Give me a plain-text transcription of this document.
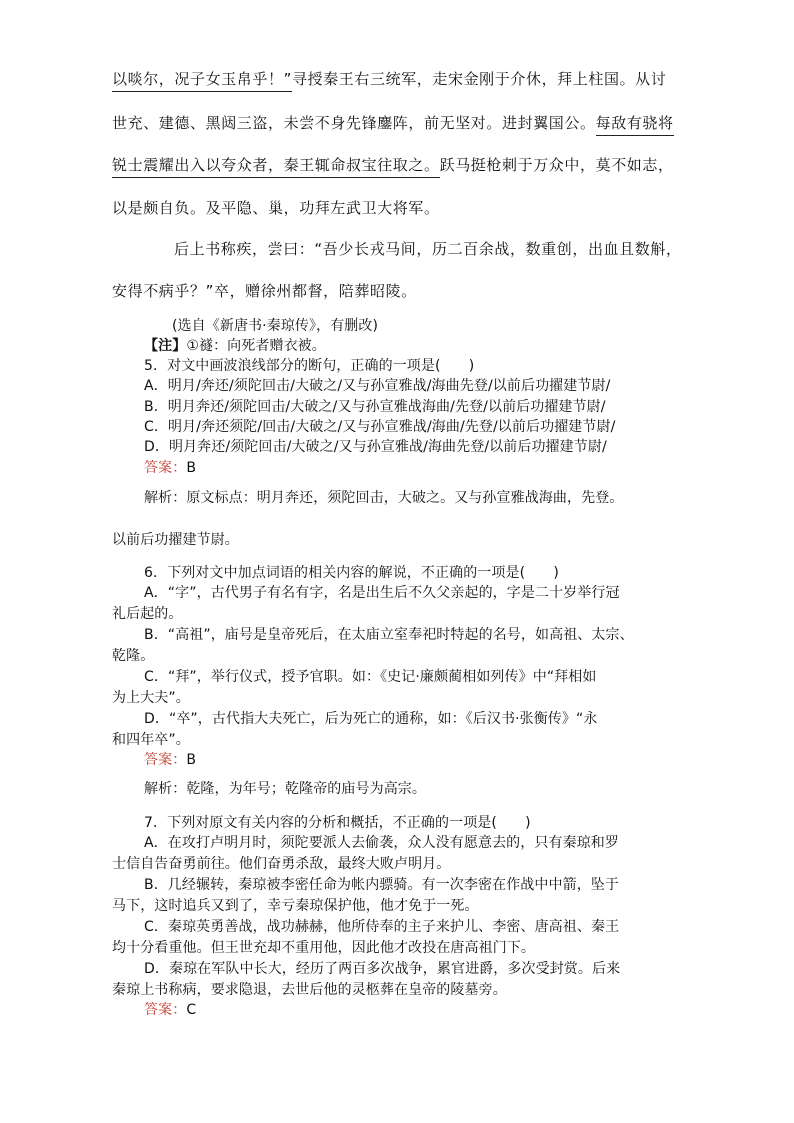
以啖尔，况子女玉帛乎！”寻授秦王右三统军，走宋金刚于介休，拜上柱国。从讨
世充、建德、黑闼三盗，未尝不身先锋鏖阵，前无坚对。进封翼国公。每敌有骁将
锐士震耀出入以夸众者，秦王辄命叔宝往取之。跃马挺枪刺于万众中，莫不如志，
以是颇自负。及平隐、巢，功拜左武卫大将军。
后上书称疾，尝曰：“吾少长戎马间，历二百余战，数重创，出血且数斛，
安得不病乎？”卒，赠徐州都督，陪葬昭陵。
(选自《新唐书·秦琼传》，有删改)
【注】①禭：向死者赠衣被。
5．对文中画波浪线部分的断句，正确的一项是(　　)
A．明月/奔还/须陀回击/大破之/又与孙宣雅战/海曲先登/以前后功擢建节尉/
B．明月奔还/须陀回击/大破之/又与孙宣雅战海曲/先登/以前后功擢建节尉/
C．明月/奔还须陀/回击/大破之/又与孙宣雅战/海曲/先登/以前后功擢建节尉/
D．明月奔还/须陀回击/大破之/又与孙宣雅战/海曲先登/以前后功擢建节尉/
答案：B
解析：原文标点：明月奔还，须陀回击，大破之。又与孙宣雅战海曲，先登。
以前后功擢建节尉。
6．下列对文中加点词语的相关内容的解说，不正确的一项是(　　)
A．“字”，古代男子有名有字，名是出生后不久父亲起的，字是二十岁举行冠
礼后起的。
B．“高祖”，庙号是皇帝死后，在太庙立室奉祀时特起的名号，如高祖、太宗、
乾隆。
C．“拜”，举行仪式，授予官职。如：《史记·廉颇蔺相如列传》中“拜相如
为上大夫”。
D．“卒”，古代指大夫死亡，后为死亡的通称，如：《后汉书·张衡传》“永
和四年卒”。
答案：B
解析：乾隆，为年号；乾隆帝的庙号为高宗。
7．下列对原文有关内容的分析和概括，不正确的一项是(　　)
A．在攻打卢明月时，须陀要派人去偷袭，众人没有愿意去的，只有秦琼和罗
士信自告奋勇前往。他们奋勇杀敌，最终大败卢明月。
B．几经辗转，秦琼被李密任命为帐内骠骑。有一次李密在作战中中箭，坠于
马下，这时追兵又到了，幸亏秦琼保护他，他才免于一死。
C．秦琼英勇善战，战功赫赫，他所侍奉的主子来护儿、李密、唐高祖、秦王
均十分看重他。但王世充却不重用他，因此他才改投在唐高祖门下。
D．秦琼在军队中长大，经历了两百多次战争，累官进爵，多次受封赏。后来
秦琼上书称病，要求隐退，去世后他的灵柩葬在皇帝的陵墓旁。
答案：C
